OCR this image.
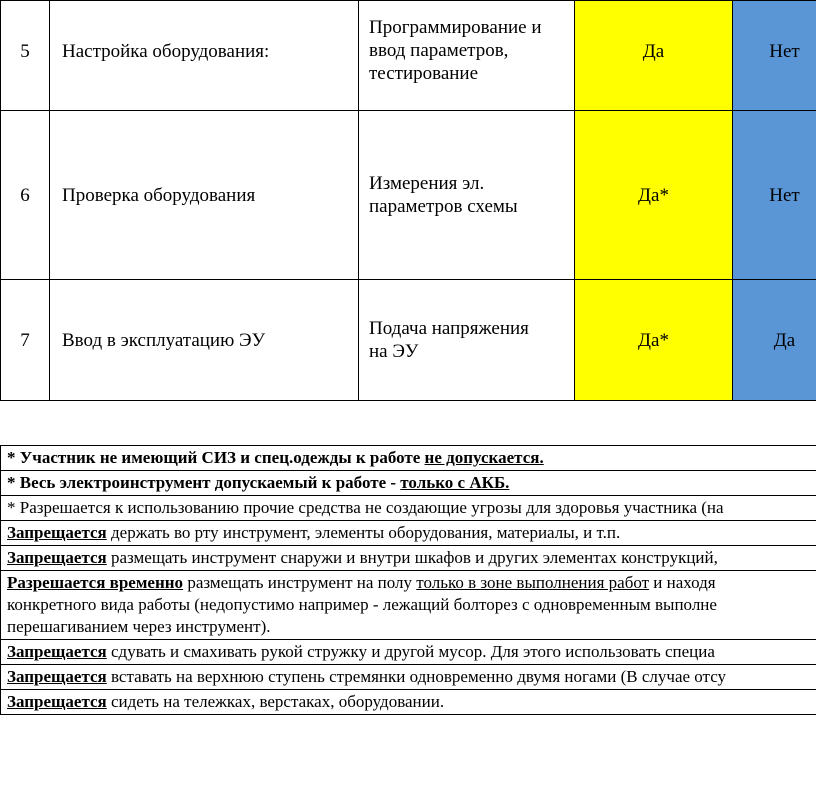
5	Настройка оборудования:	Программирование и
ввод параметров,
тестирование	Да	Нет

6	Проверка оборудования	Измерения эл.
параметров схемы	Да*	Нет
7	Ввод в эксплуатацию ЭУ	Подача напряжения
на ЭУ	Да*	Да
* Участник не имеющий СИЗ и спец.одежды к работе не допускается.
* Весь электроинструмент допускаемый к работе - только с АКБ.
* Разрешается к использованию прочие средства не создающие угрозы для здоровья участника (на
Запрещается держать во рту инструмент, элементы оборудования, материалы, и т.п.
Запрещается размещать инструмент снаружи и внутри шкафов и других элементах конструкций,

Разрешается временно размещать инструмент на полу только в зоне выполнения работ и находя
конкретного вида работы (недопустимо например - лежащий болторез с одновременным выполне
перешагиванием через инструмент).

Запрещается сдувать и смахивать рукой стружку и другой мусор. Для этого использовать специа
Запрещается вставать на верхнюю ступень стремянки одновременно двумя ногами (В случае отсу
Запрещается сидеть на тележках, верстаках, оборудовании.
